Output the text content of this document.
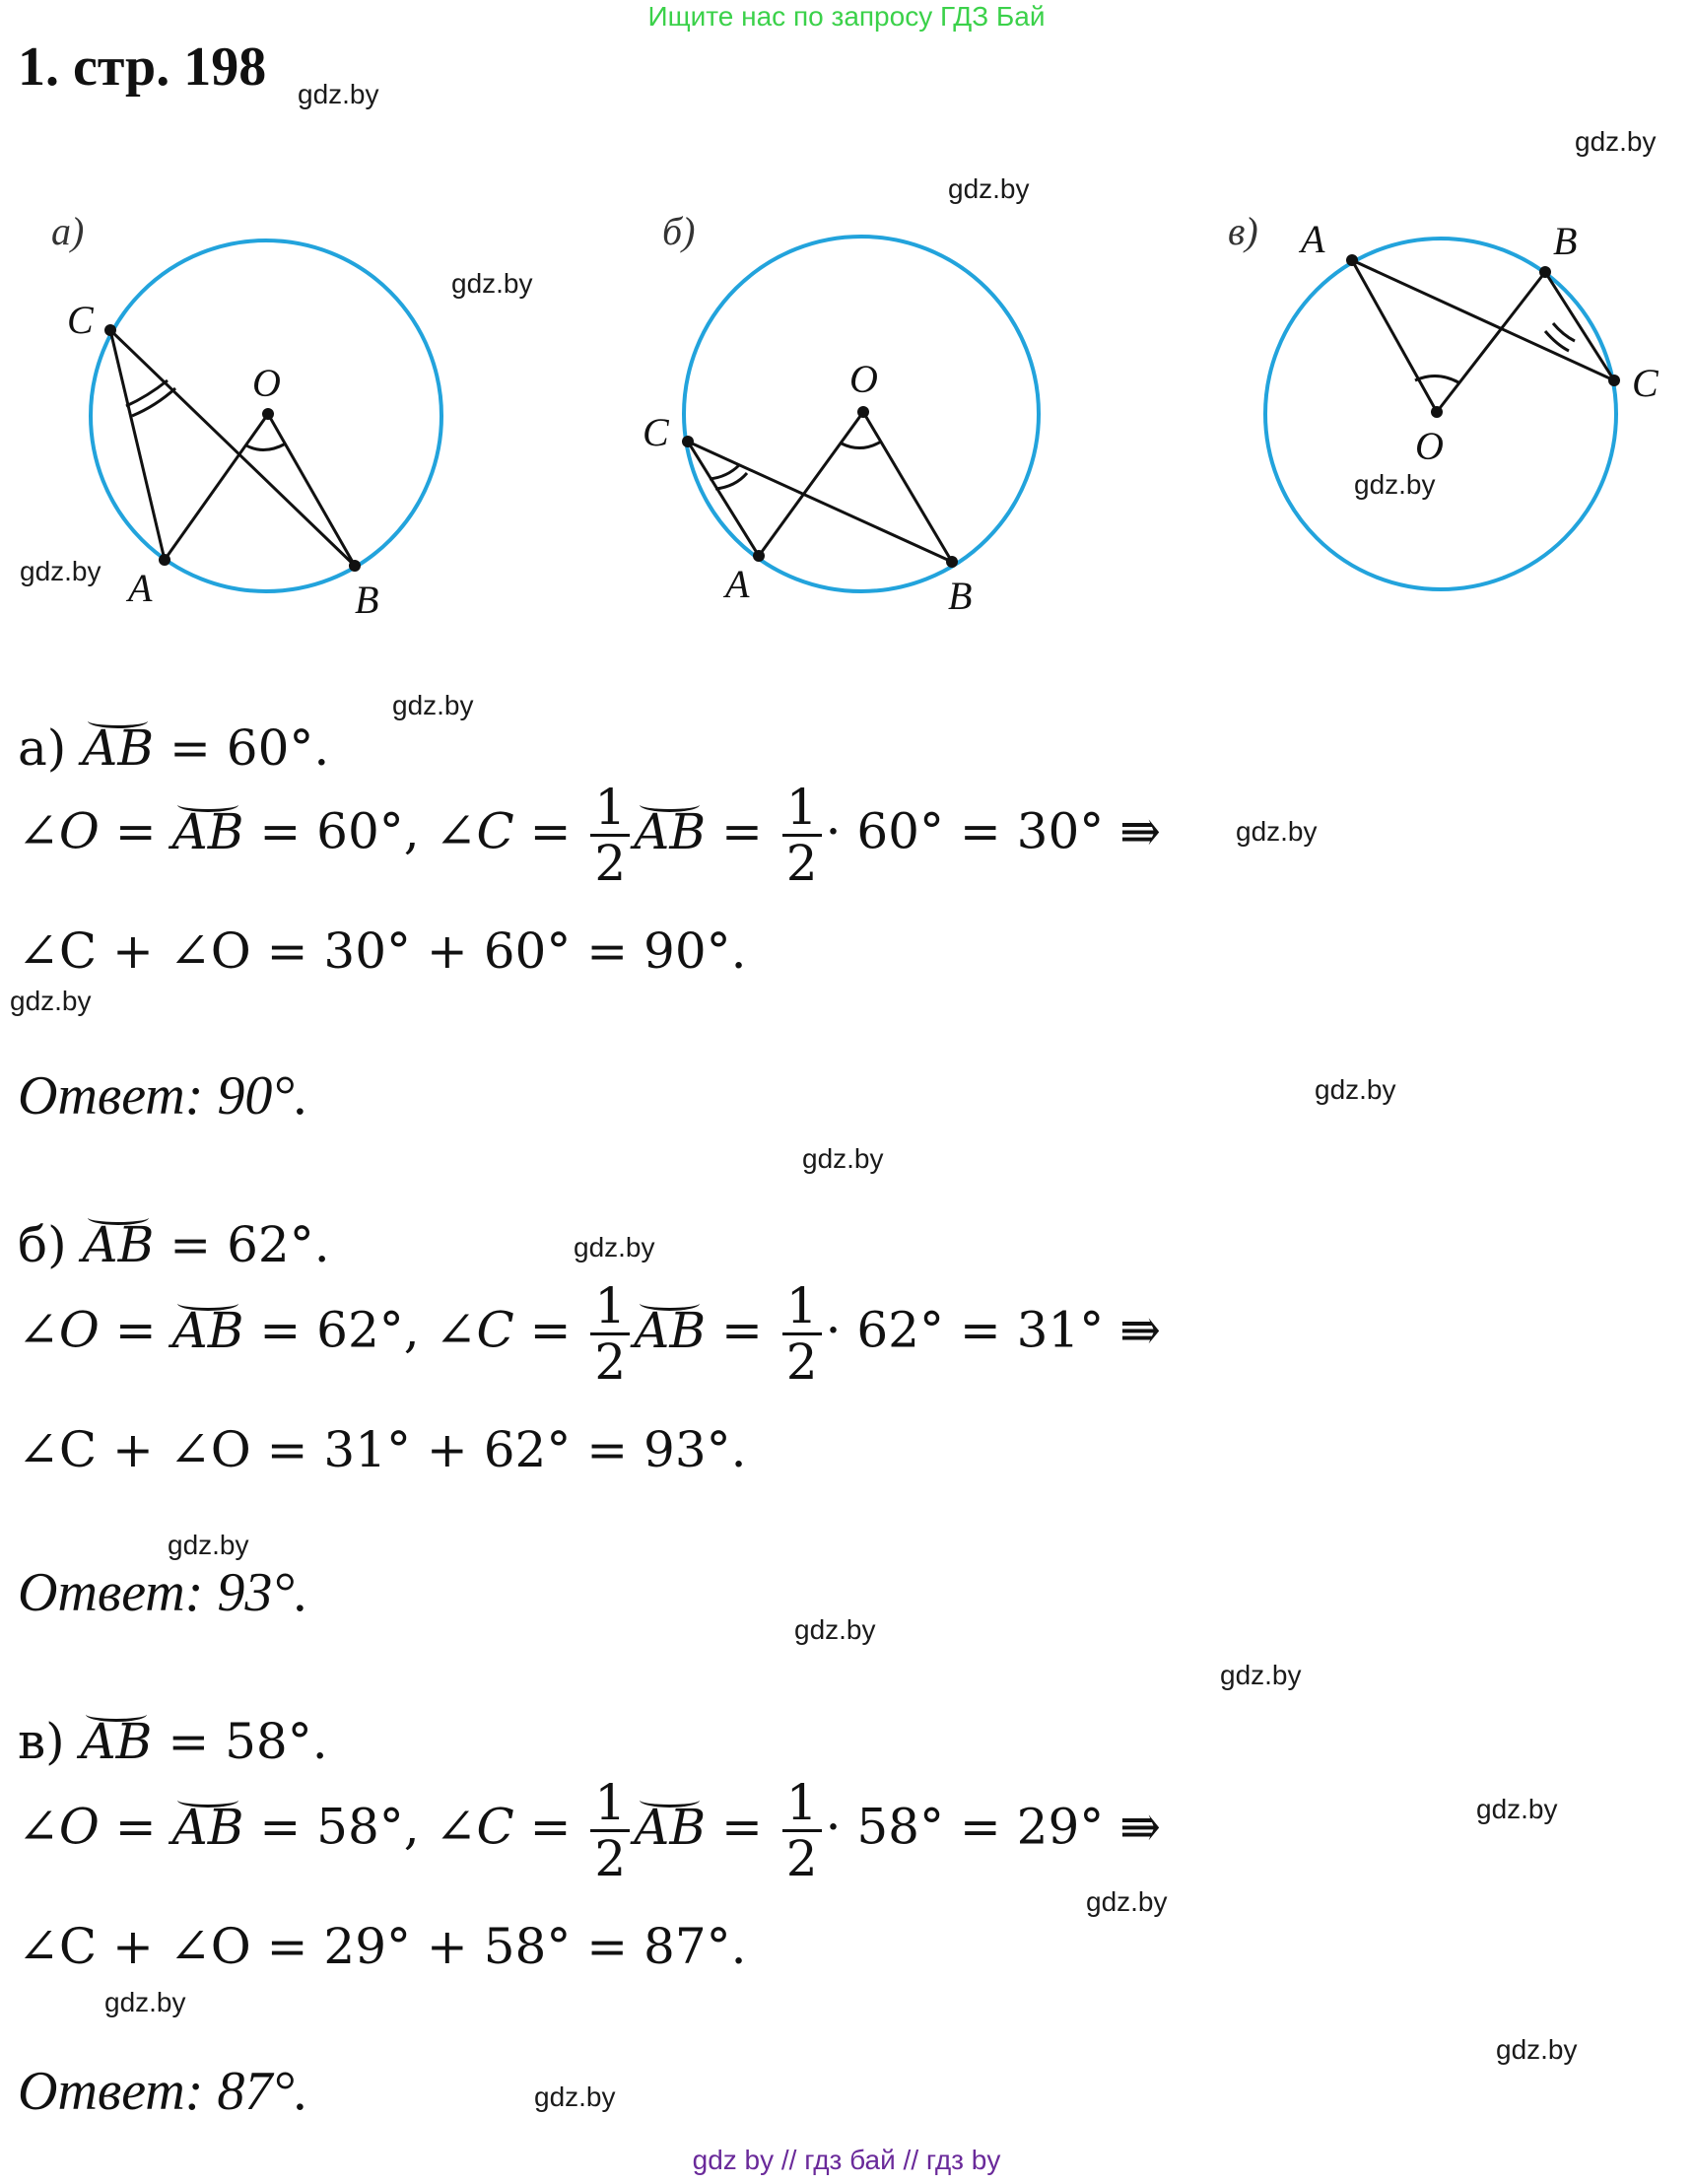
Ищите нас по запросу ГДЗ Бай
1. стр. 198 gdz.by
gdz.by
gdz.by
gdz.by
gdz.by
gdz.by
gdz.by
gdz.by
gdz.by
gdz.by
gdz.by
gdz.by
gdz.by
gdz.by
gdz.by
gdz.by
gdz.by
gdz.by
gdz.by
gdz.by
а)
C
O
A	B
б)
C
O
A	B
в) A	B
C
O
а) AB = 60°.
∠O = AB = 60°, ∠C = $\frac{1}{2}$ AB = $\frac{1}{2} \cdot 60^\circ = 30^\circ$ ⇛
∠C + ∠O = 30° + 60° = 90°.
Ответ: 90°.
б) AB = 62°.
∠O = AB = 62°, ∠C = $\frac{1}{2}$ AB = $\frac{1}{2} \cdot 62^\circ = 31^\circ$ ⇛
∠C + ∠O = 31° + 62° = 93°.
Ответ: 93°.
в) AB = 58°.
∠O = AB = 58°, ∠C = $\frac{1}{2}$ AB = $\frac{1}{2} \cdot 58^\circ = 29^\circ$ ⇛
∠C + ∠O = 29° + 58° = 87°.
Ответ: 87°.
gdz by // гдз бай // гдз by
